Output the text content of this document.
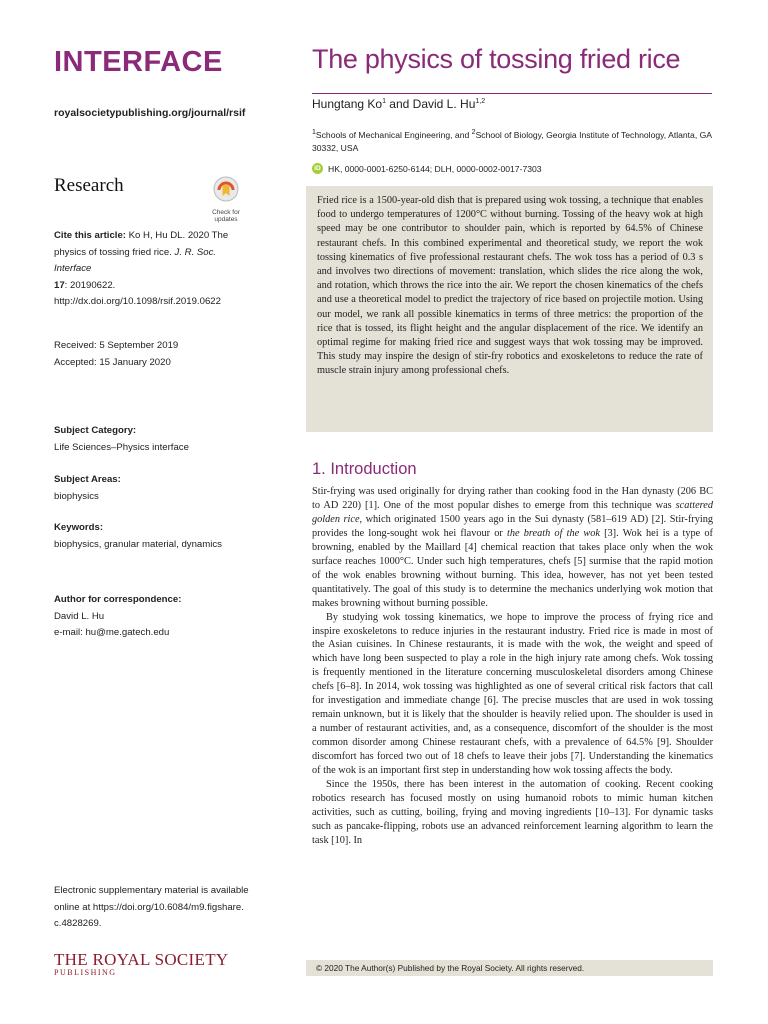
INTERFACE
royalsocietypublishing.org/journal/rsif
Research
Check for
updates
Cite this article: Ko H, Hu DL. 2020 The physics of tossing fried rice. J. R. Soc. Interface
17: 20190622.
http://dx.doi.org/10.1098/rsif.2019.0622
Received: 5 September 2019
Accepted: 15 January 2020
Subject Category:
Life Sciences–Physics interface
Subject Areas:
biophysics
Keywords:
biophysics, granular material, dynamics
Author for correspondence:
David L. Hu
e-mail: hu@me.gatech.edu
Electronic supplementary material is available
online at https://doi.org/10.6084/m9.figshare.
c.4828269.
THE ROYAL SOCIETY
PUBLISHING
The physics of tossing fried rice
Hungtang Ko$^1$ and David L. Hu$^{1,2}$
$^1$Schools of Mechanical Engineering, and $^2$School of Biology, Georgia Institute of Technology, Atlanta, GA 30332, USA
iD HK, 0000-0001-6250-6144; DLH, 0000-0002-0017-7303

Fried rice is a 1500-year-old dish that is prepared using wok tossing, a technique that enables food to undergo temperatures of 1200°C without burning. Tossing of the heavy wok at high speed may be one contributor to shoulder pain, which is reported by 64.5% of Chinese restaurant chefs. In this combined experimental and theoretical study, we report the wok tossing kinematics of five professional restaurant chefs. The wok toss has a period of 0.3 s and involves two directions of movement: translation, which slides the rice along the wok, and rotation, which throws the rice into the air. We report the chosen kinematics of the chefs and use a theoretical model to predict the trajectory of rice based on projectile motion. Using our model, we rank all possible kinematics in terms of three metrics: the proportion of the rice that is tossed, its flight height and the angular displacement of the rice. We identify an optimal regime for making fried rice and suggest ways that wok tossing may be improved. This study may inspire the design of stir-fry robotics and exoskeletons to reduce the rate of muscle strain injury among professional chefs.

1. Introduction

Stir-frying was used originally for drying rather than cooking food in the Han dynasty (206 BC to AD 220) [1]. One of the most popular dishes to emerge from this technique was scattered golden rice, which originated 1500 years ago in the Sui dynasty (581–619 AD) [2]. Stir-frying provides the long-sought wok hei flavour or the breath of the wok [3]. Wok hei is a type of browning, enabled by the Maillard [4] chemical reaction that takes place only when the wok surface reaches 1000°C. Under such high temperatures, chefs [5] surmise that the rapid motion of the wok enables browning without burning. This idea, however, has not yet been tested quantitatively. The goal of this study is to determine the mechanics underlying wok motion that makes browning without burning possible.

By studying wok tossing kinematics, we hope to improve the process of frying rice and inspire exoskeletons to reduce injuries in the restaurant industry. Fried rice is made in most of the Asian cuisines. In Chinese restaurants, it is made with the wok, the weight and speed of which have long been suspected to play a role in the high injury rate among chefs. Wok tossing is frequently mentioned in the literature concerning musculoskeletal disorders among Chinese chefs [6–8]. In 2014, wok tossing was highlighted as one of several critical risk factors that call for investigation and immediate change [6]. The precise muscles that are used in wok tossing remain unknown, but it is likely that the shoulder is heavily relied upon. The shoulder is used in a number of restaurant activities, and, as a consequence, discomfort of the shoulder is the most common disorder among Chinese restaurant chefs, with a prevalence of 64.5% [9]. Shoulder discomfort has forced two out of 18 chefs to leave their jobs [7]. Understanding the kinematics of the wok is an important first step in understanding how wok tossing affects the body.

Since the 1950s, there has been interest in the automation of cooking. Recent cooking robotics research has focused mostly on using humanoid robots to mimic human kitchen activities, such as cutting, boiling, frying and moving ingredients [10–13]. For dynamic tasks such as pancake-flipping, robots use an advanced reinforcement learning algorithm to learn the task [10]. In

© 2020 The Author(s) Published by the Royal Society. All rights reserved.
